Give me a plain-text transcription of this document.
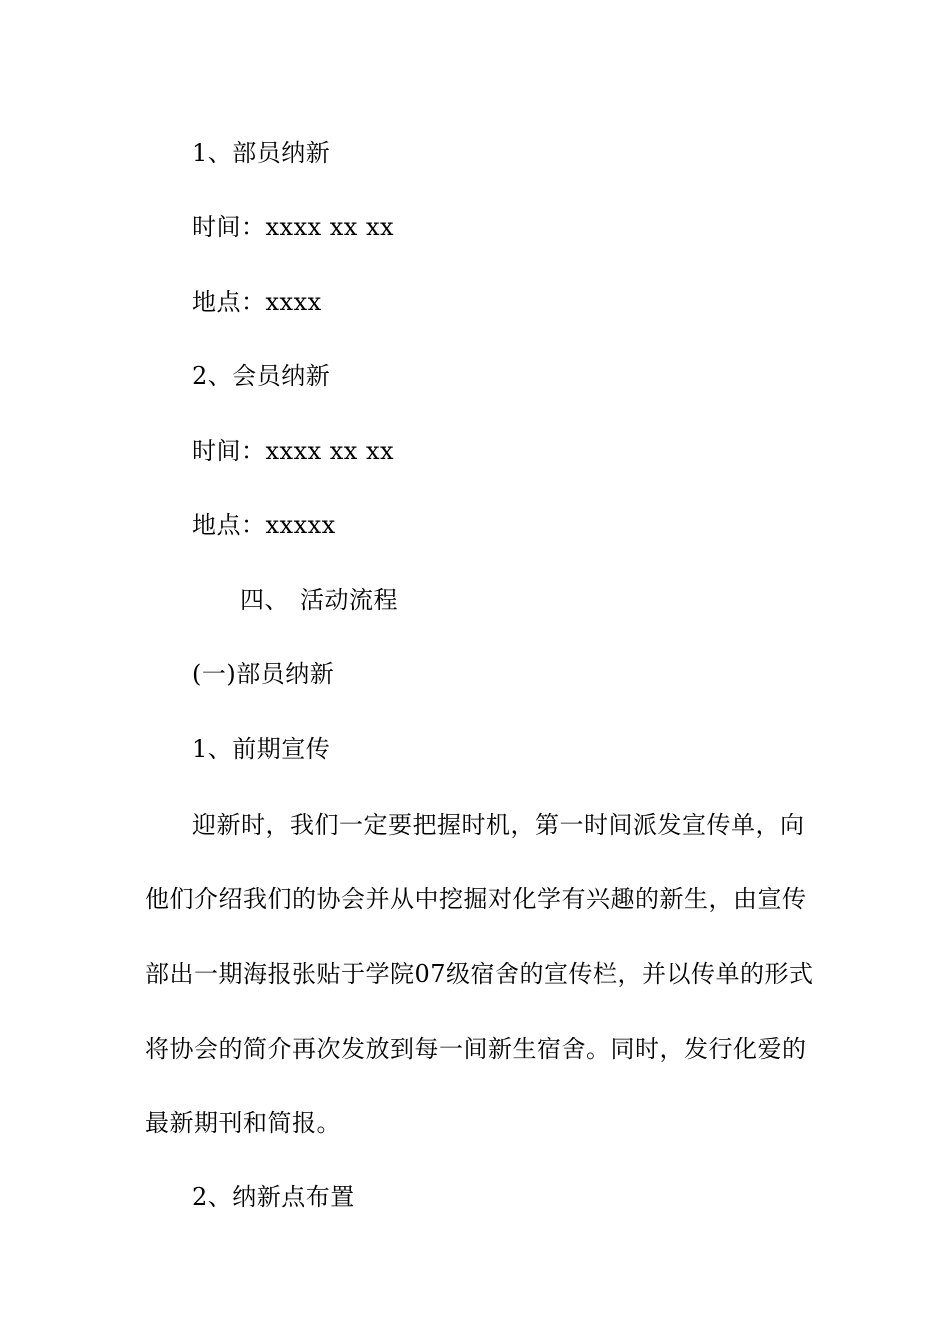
1、部员纳新
时间：xxxx xx xx
地点：xxxx
2、会员纳新
时间：xxxx xx xx
地点：xxxxx
四、 活动流程
(一)部员纳新
1、前期宣传
迎新时，我们一定要把握时机，第一时间派发宣传单，向
他们介绍我们的协会并从中挖掘对化学有兴趣的新生，由宣传
部出一期海报张贴于学院07级宿舍的宣传栏，并以传单的形式
将协会的简介再次发放到每一间新生宿舍。同时，发行化爱的
最新期刊和简报。
2、纳新点布置
